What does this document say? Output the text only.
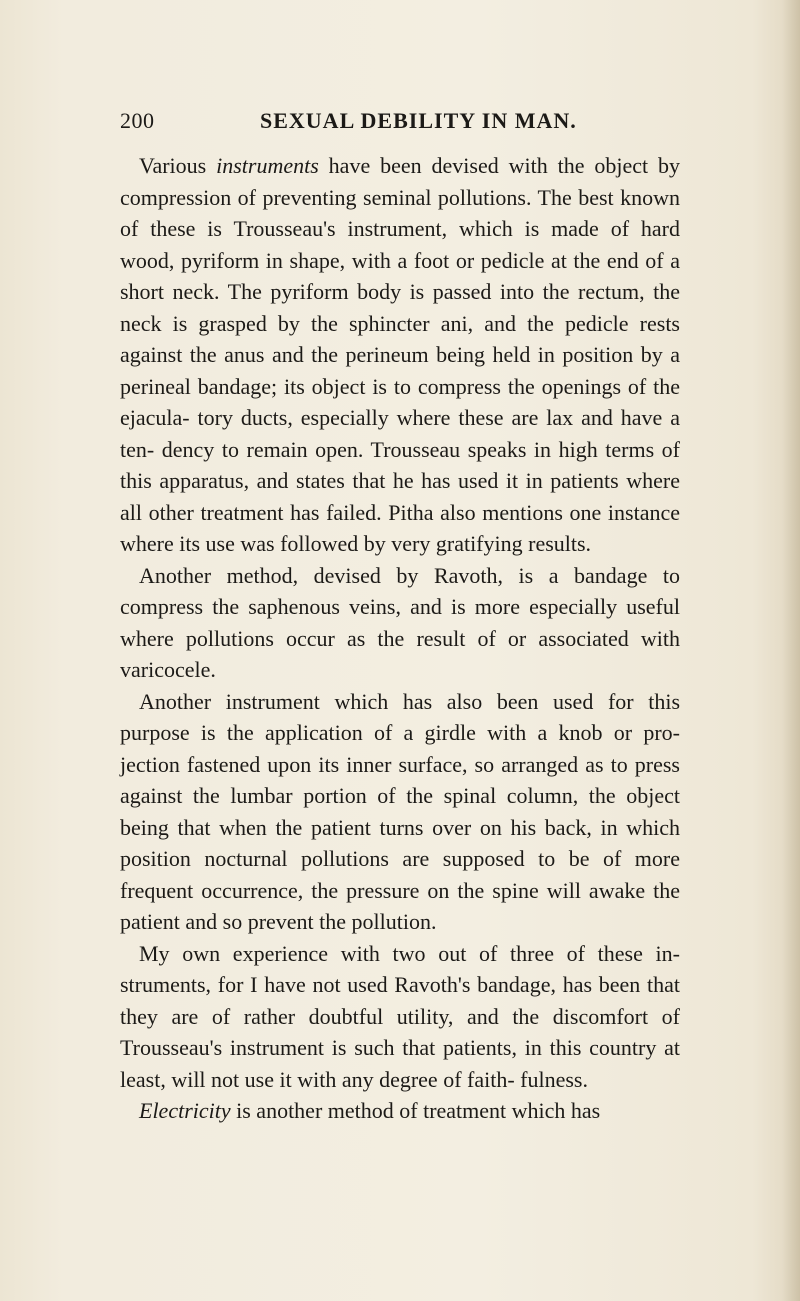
200	SEXUAL DEBILITY IN MAN.

Various instruments have been devised with the object by compression of preventing seminal pollutions. The best known of these is Trousseau's instrument, which is made of hard wood, pyriform in shape, with a foot or pedicle at the end of a short neck. The pyriform body is passed into the rectum, the neck is grasped by the sphincter ani, and the pedicle rests against the anus and the perineum being held in position by a perineal bandage; its object is to compress the openings of the ejacula- tory ducts, especially where these are lax and have a ten- dency to remain open. Trousseau speaks in high terms of this apparatus, and states that he has used it in patients where all other treatment has failed. Pitha also mentions one instance where its use was followed by very gratifying results.

Another method, devised by Ravoth, is a bandage to compress the saphenous veins, and is more especially useful where pollutions occur as the result of or associated with varicocele.

Another instrument which has also been used for this purpose is the application of a girdle with a knob or pro- jection fastened upon its inner surface, so arranged as to press against the lumbar portion of the spinal column, the object being that when the patient turns over on his back, in which position nocturnal pollutions are supposed to be of more frequent occurrence, the pressure on the spine will awake the patient and so prevent the pollution.

My own experience with two out of three of these in- struments, for I have not used Ravoth's bandage, has been that they are of rather doubtful utility, and the discomfort of Trousseau's instrument is such that patients, in this country at least, will not use it with any degree of faith- fulness.

Electricity is another method of treatment which has
